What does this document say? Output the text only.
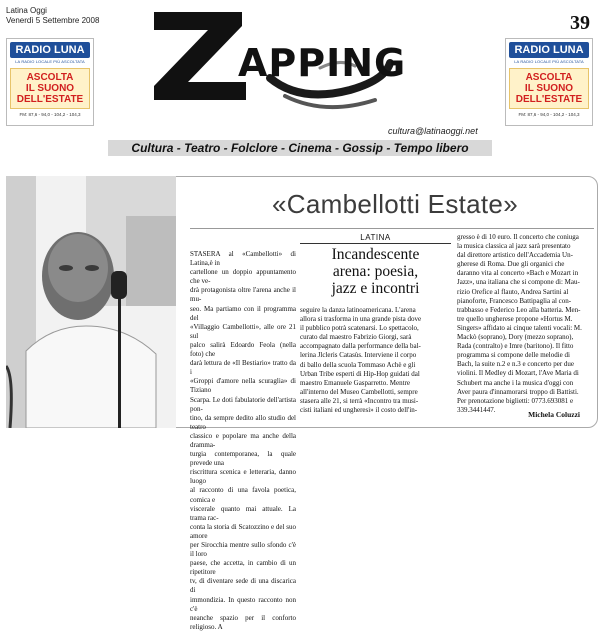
Latina Oggi
Venerdì 5 Settembre 2008	39
RADIO LUNA
LA RADIO LOCALE PIÙ ASCOLTATA
ASCOLTA
IL SUONO
DELL'ESTATE
FM: 87,6 - 94,0 - 104,2 - 104,3
RADIO LUNA
LA RADIO LOCALE PIÙ ASCOLTATA
ASCOLTA
IL SUONO
DELL'ESTATE
FM: 87,6 - 94,0 - 104,2 - 104,3
APPING
cultura@latinaoggi.net
Cultura - Teatro - Folclore - Cinema - Gossip - Tempo libero
«Cambellotti Estate»
STASERA al «Cambellotti» di Latina,è in
cartellone un doppio appuntamento che ve-
drà protagonista oltre l'arena anche il mu-
seo. Ma partiamo con il programma del
«Villaggio Cambellotti», alle ore 21 sul
palco salirà Edoardo Feola (nella foto) che
darà lettura de «Il Bestiario» tratto da i
«Groppi d'amore nella scuraglia» di Tiziano
Scarpa. Le doti fabulatorie dell'artista pon-
tino, da sempre dedito allo studio del teatro
classico e popolare ma anche della dramma-
turgia contemporanea, la quale prevede una
riscrittura scenica e letteraria, danno luogo
al racconto di una favola poetica, comica e
viscerale quanto mai attuale. La trama rac-
conta la storia di Scatozzino e del suo amore
per Sirocchia mentre sullo sfondo c'è il loro
paese, che accetta, in cambio di un ripetitore
tv, di diventare sede di una discarica di
immondizia. In questo racconto non c'è
neanche spazio per il conforto religioso. A
LATINA
Incandescente
arena: poesia,
jazz e incontri
seguire la danza latinoamericana. L'arena
allora si trasforma in una grande pista dove
il pubblico potrà scatenarsi. Lo spettacolo,
curato dal maestro Fabrizio Giorgi, sarà
accompagnato dalla performance della bal-
lerina Jlcleris Catasùs. Interviene il corpo
di ballo della scuola Tommaso Achè e gli
Urban Tribe esperti di Hip-Hop guidati dal
maestro Emanuele Gasparretto. Mentre
all'interno del Museo Cambellotti, sempre
stasera alle 21, si terrà «Incontro tra musi-
cisti italiani ed ungheresi» il costo dell'in-
gresso è di 10 euro. Il concerto che coniuga
la musica classica al jazz sarà presentato
dal direttore artistico dell'Accademia Un-
gherese di Roma. Due gli organici che
daranno vita al concerto «Bach e Mozart in
Jazz», una italiana che si compone di: Mau-
rizio Orefice al flauto, Andrea Sartini al
pianoforte, Francesco Battipaglia al con-
trabbasso e Federico Leo alla batteria. Men-
tre quello ungherese propone «Hortus M.
Singers» affidato ai cinque talenti vocali: M.
Mackò (soprano), Dory (mezzo soprano),
Rada (contralto) e Imre (baritono). Il fitto
programma si compone delle melodie di
Bach, la suite n.2 e n.3 e concerto per due
violini. Il Medley di Mozart, l'Ave Maria di
Schubert ma anche i la musica d'oggi con
Aver paura d'innamorarsi troppo di Battisti.
Per prenotazione biglietti: 0773.693081 e
339.3441447.
Michela Coluzzi
